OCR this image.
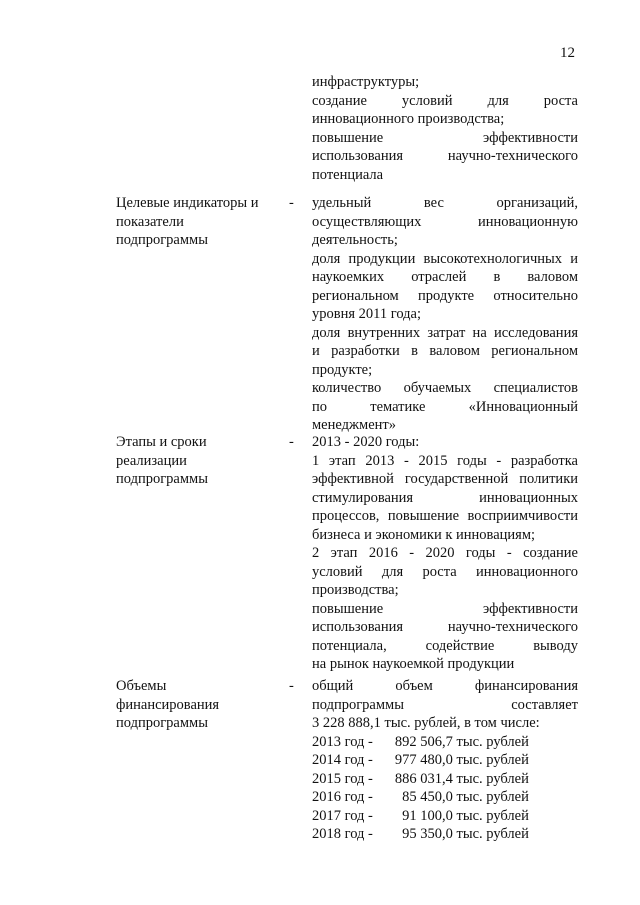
12
инфраструктуры;
создание условий для роста
инновационного производства;
повышение эффективности
использования научно-технического
потенциала
Целевые индикаторы и
показатели
подпрограммы
- удельный вес организаций,
осуществляющих инновационную
деятельность;
доля продукции высокотехнологичных и
наукоемких отраслей в валовом
региональном продукте относительно
уровня 2011 года;
доля внутренних затрат на исследования
и разработки в валовом региональном
продукте;
количество обучаемых специалистов
по тематике «Инновационный
менеджмент»
Этапы и сроки
реализации
подпрограммы
- 2013 - 2020 годы:
1 этап 2013 - 2015 годы - разработка
эффективной государственной политики
стимулирования инновационных
процессов, повышение восприимчивости
бизнеса и экономики к инновациям;
2 этап 2016 - 2020 годы - создание
условий для роста инновационного
производства;
повышение эффективности
использования научно-технического
потенциала, содействие выводу
на рынок наукоемкой продукции
Объемы
финансирования
подпрограммы
- общий объем финансирования
подпрограммы составляет
3 228 888,1 тыс. рублей, в том числе:
2013 год - 892 506,7 тыс. рублей
2014 год - 977 480,0 тыс. рублей
2015 год - 886 031,4 тыс. рублей
2016 год - 85 450,0 тыс. рублей
2017 год - 91 100,0 тыс. рублей
2018 год - 95 350,0 тыс. рублей
